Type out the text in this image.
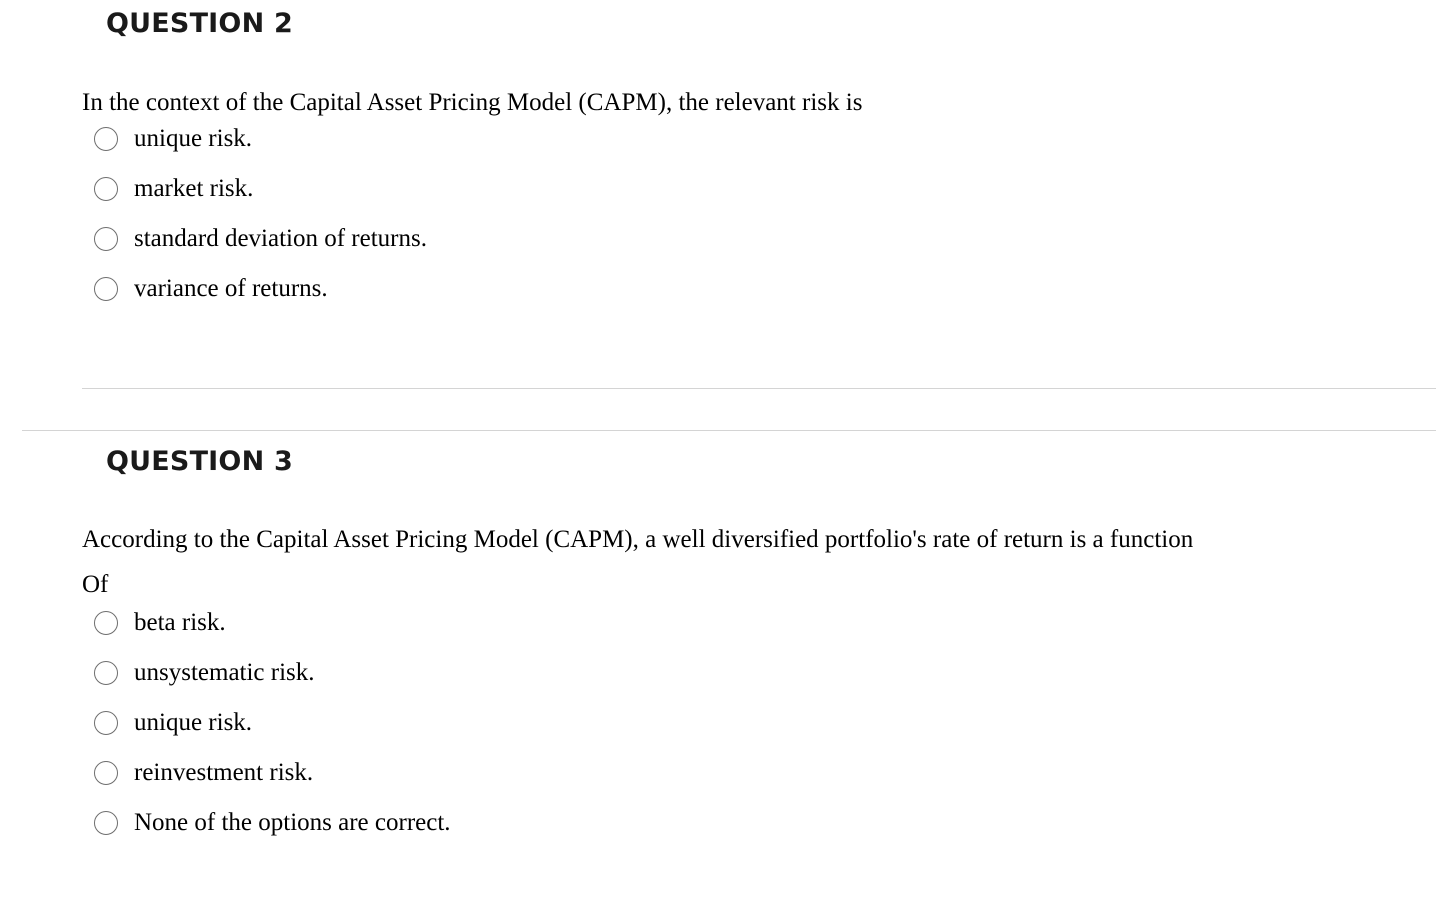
QUESTION 2

In the context of the Capital Asset Pricing Model (CAPM), the relevant risk is

unique risk.
market risk.
standard deviation of returns.
variance of returns.
QUESTION 3

According to the Capital Asset Pricing Model (CAPM), a well diversified portfolio's rate of return is a function

Of

beta risk.
unsystematic risk.
unique risk.
reinvestment risk.
None of the options are correct.
